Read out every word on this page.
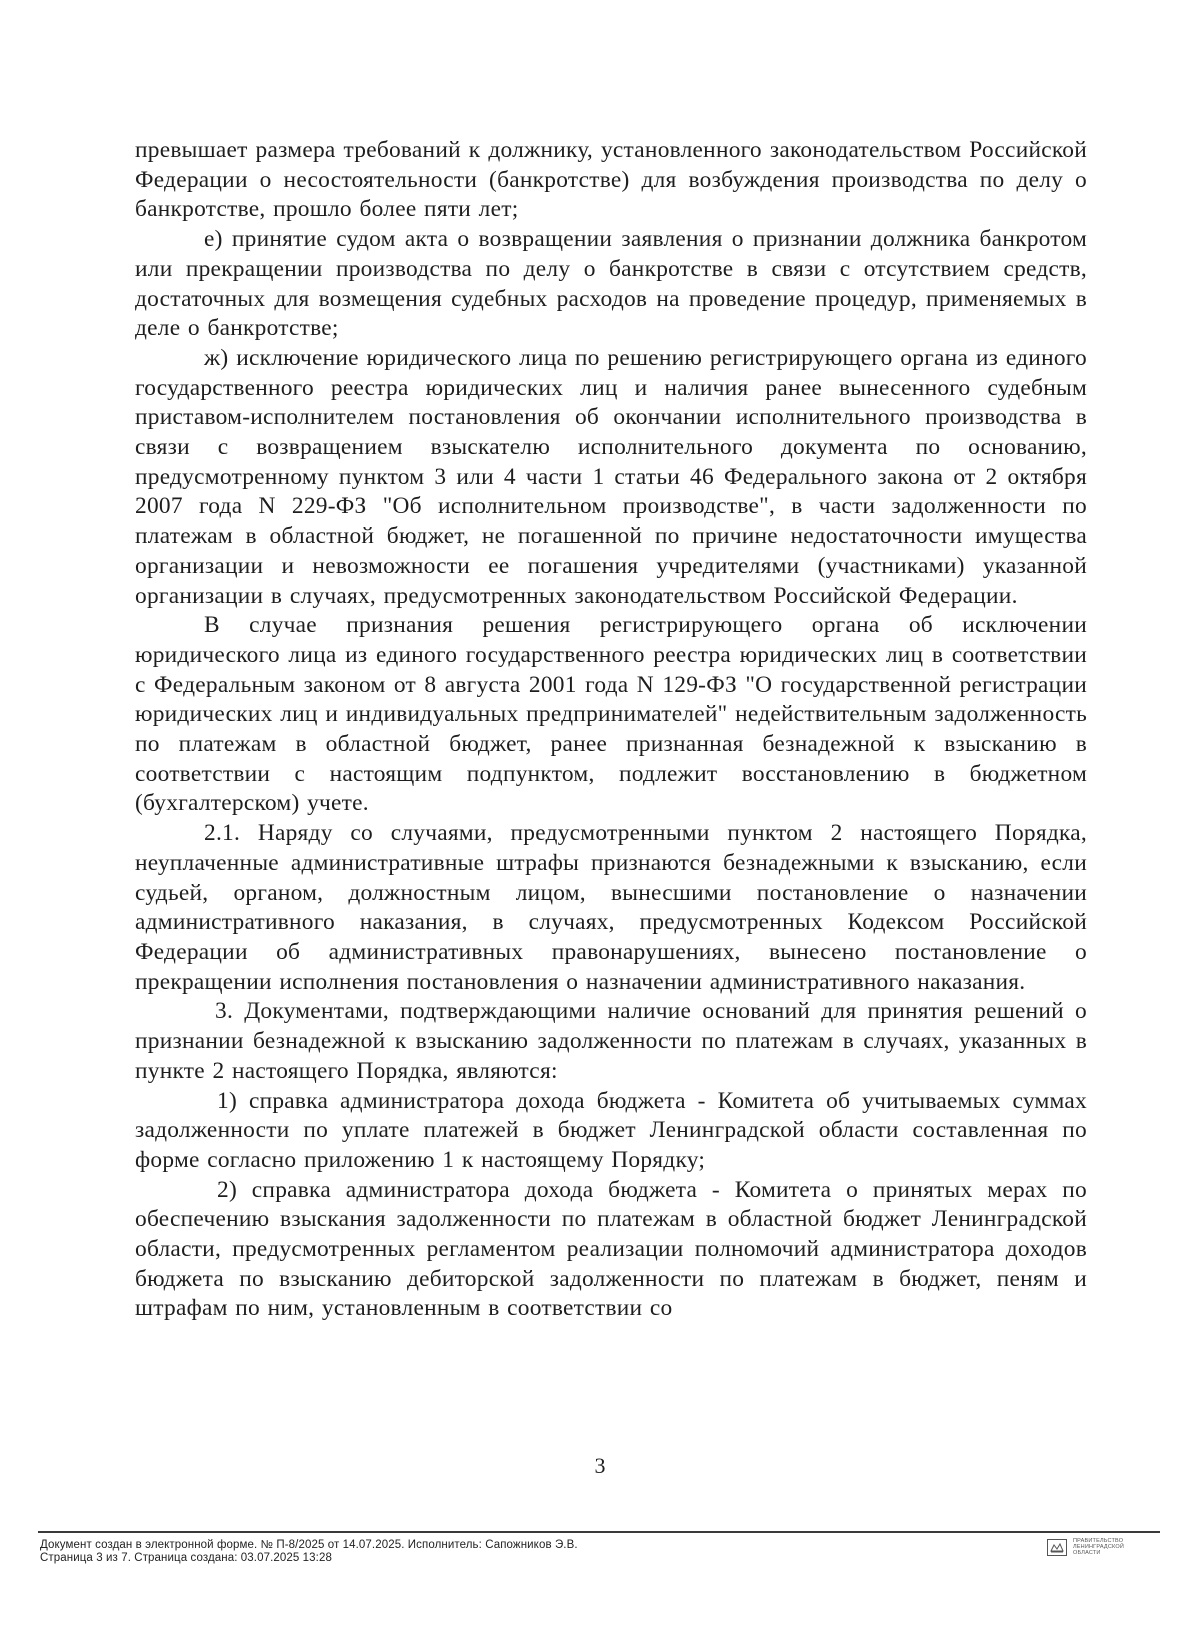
превышает размера требований к должнику, установленного законодательством Российской Федерации о несостоятельности (банкротстве) для возбуждения производства по делу о банкротстве, прошло более пяти лет;

е) принятие судом акта о возвращении заявления о признании должника банкротом или прекращении производства по делу о банкротстве в связи с отсутствием средств, достаточных для возмещения судебных расходов на проведение процедур, применяемых в деле о банкротстве;

ж) исключение юридического лица по решению регистрирующего органа из единого государственного реестра юридических лиц и наличия ранее вынесенного судебным приставом-исполнителем постановления об окончании исполнительного производства в связи с возвращением взыскателю исполнительного документа по основанию, предусмотренному пунктом 3 или 4 части 1 статьи 46 Федерального закона от 2 октября 2007 года N 229-ФЗ "Об исполнительном производстве", в части задолженности по платежам в областной бюджет, не погашенной по причине недостаточности имущества организации и невозможности ее погашения учредителями (участниками) указанной организации в случаях, предусмотренных законодательством Российской Федерации.

В случае признания решения регистрирующего органа об исключении юридического лица из единого государственного реестра юридических лиц в соответствии с Федеральным законом от 8 августа 2001 года N 129-ФЗ "О государственной регистрации юридических лиц и индивидуальных предпринимателей" недействительным задолженность по платежам в областной бюджет, ранее признанная безнадежной к взысканию в соответствии с настоящим подпунктом, подлежит восстановлению в бюджетном (бухгалтерском) учете.

2.1. Наряду со случаями, предусмотренными пунктом 2 настоящего Порядка, неуплаченные административные штрафы признаются безнадежными к взысканию, если судьей, органом, должностным лицом, вынесшими постановление о назначении административного наказания, в случаях, предусмотренных Кодексом Российской Федерации об административных правонарушениях, вынесено постановление о прекращении исполнения постановления о назначении административного наказания.

3. Документами, подтверждающими наличие оснований для принятия решений о признании безнадежной к взысканию задолженности по платежам в случаях, указанных в пункте 2 настоящего Порядка, являются:

1) справка администратора дохода бюджета - Комитета об учитываемых суммах задолженности по уплате платежей в бюджет Ленинградской области составленная по форме согласно приложению 1 к настоящему Порядку;

2) справка администратора дохода бюджета - Комитета о принятых мерах по обеспечению взыскания задолженности по платежам в областной бюджет Ленинградской области, предусмотренных регламентом реализации полномочий администратора доходов бюджета по взысканию дебиторской задолженности по платежам в бюджет, пеням и штрафам по ним, установленным в соответствии со

3
Документ создан в электронной форме. № П-8/2025 от 14.07.2025. Исполнитель: Сапожников Э.В.
Страница 3 из 7. Страница создана: 03.07.2025 13:28
ПРАВИТЕЛЬСТВО
ЛЕНИНГРАДСКОЙ
ОБЛАСТИ
